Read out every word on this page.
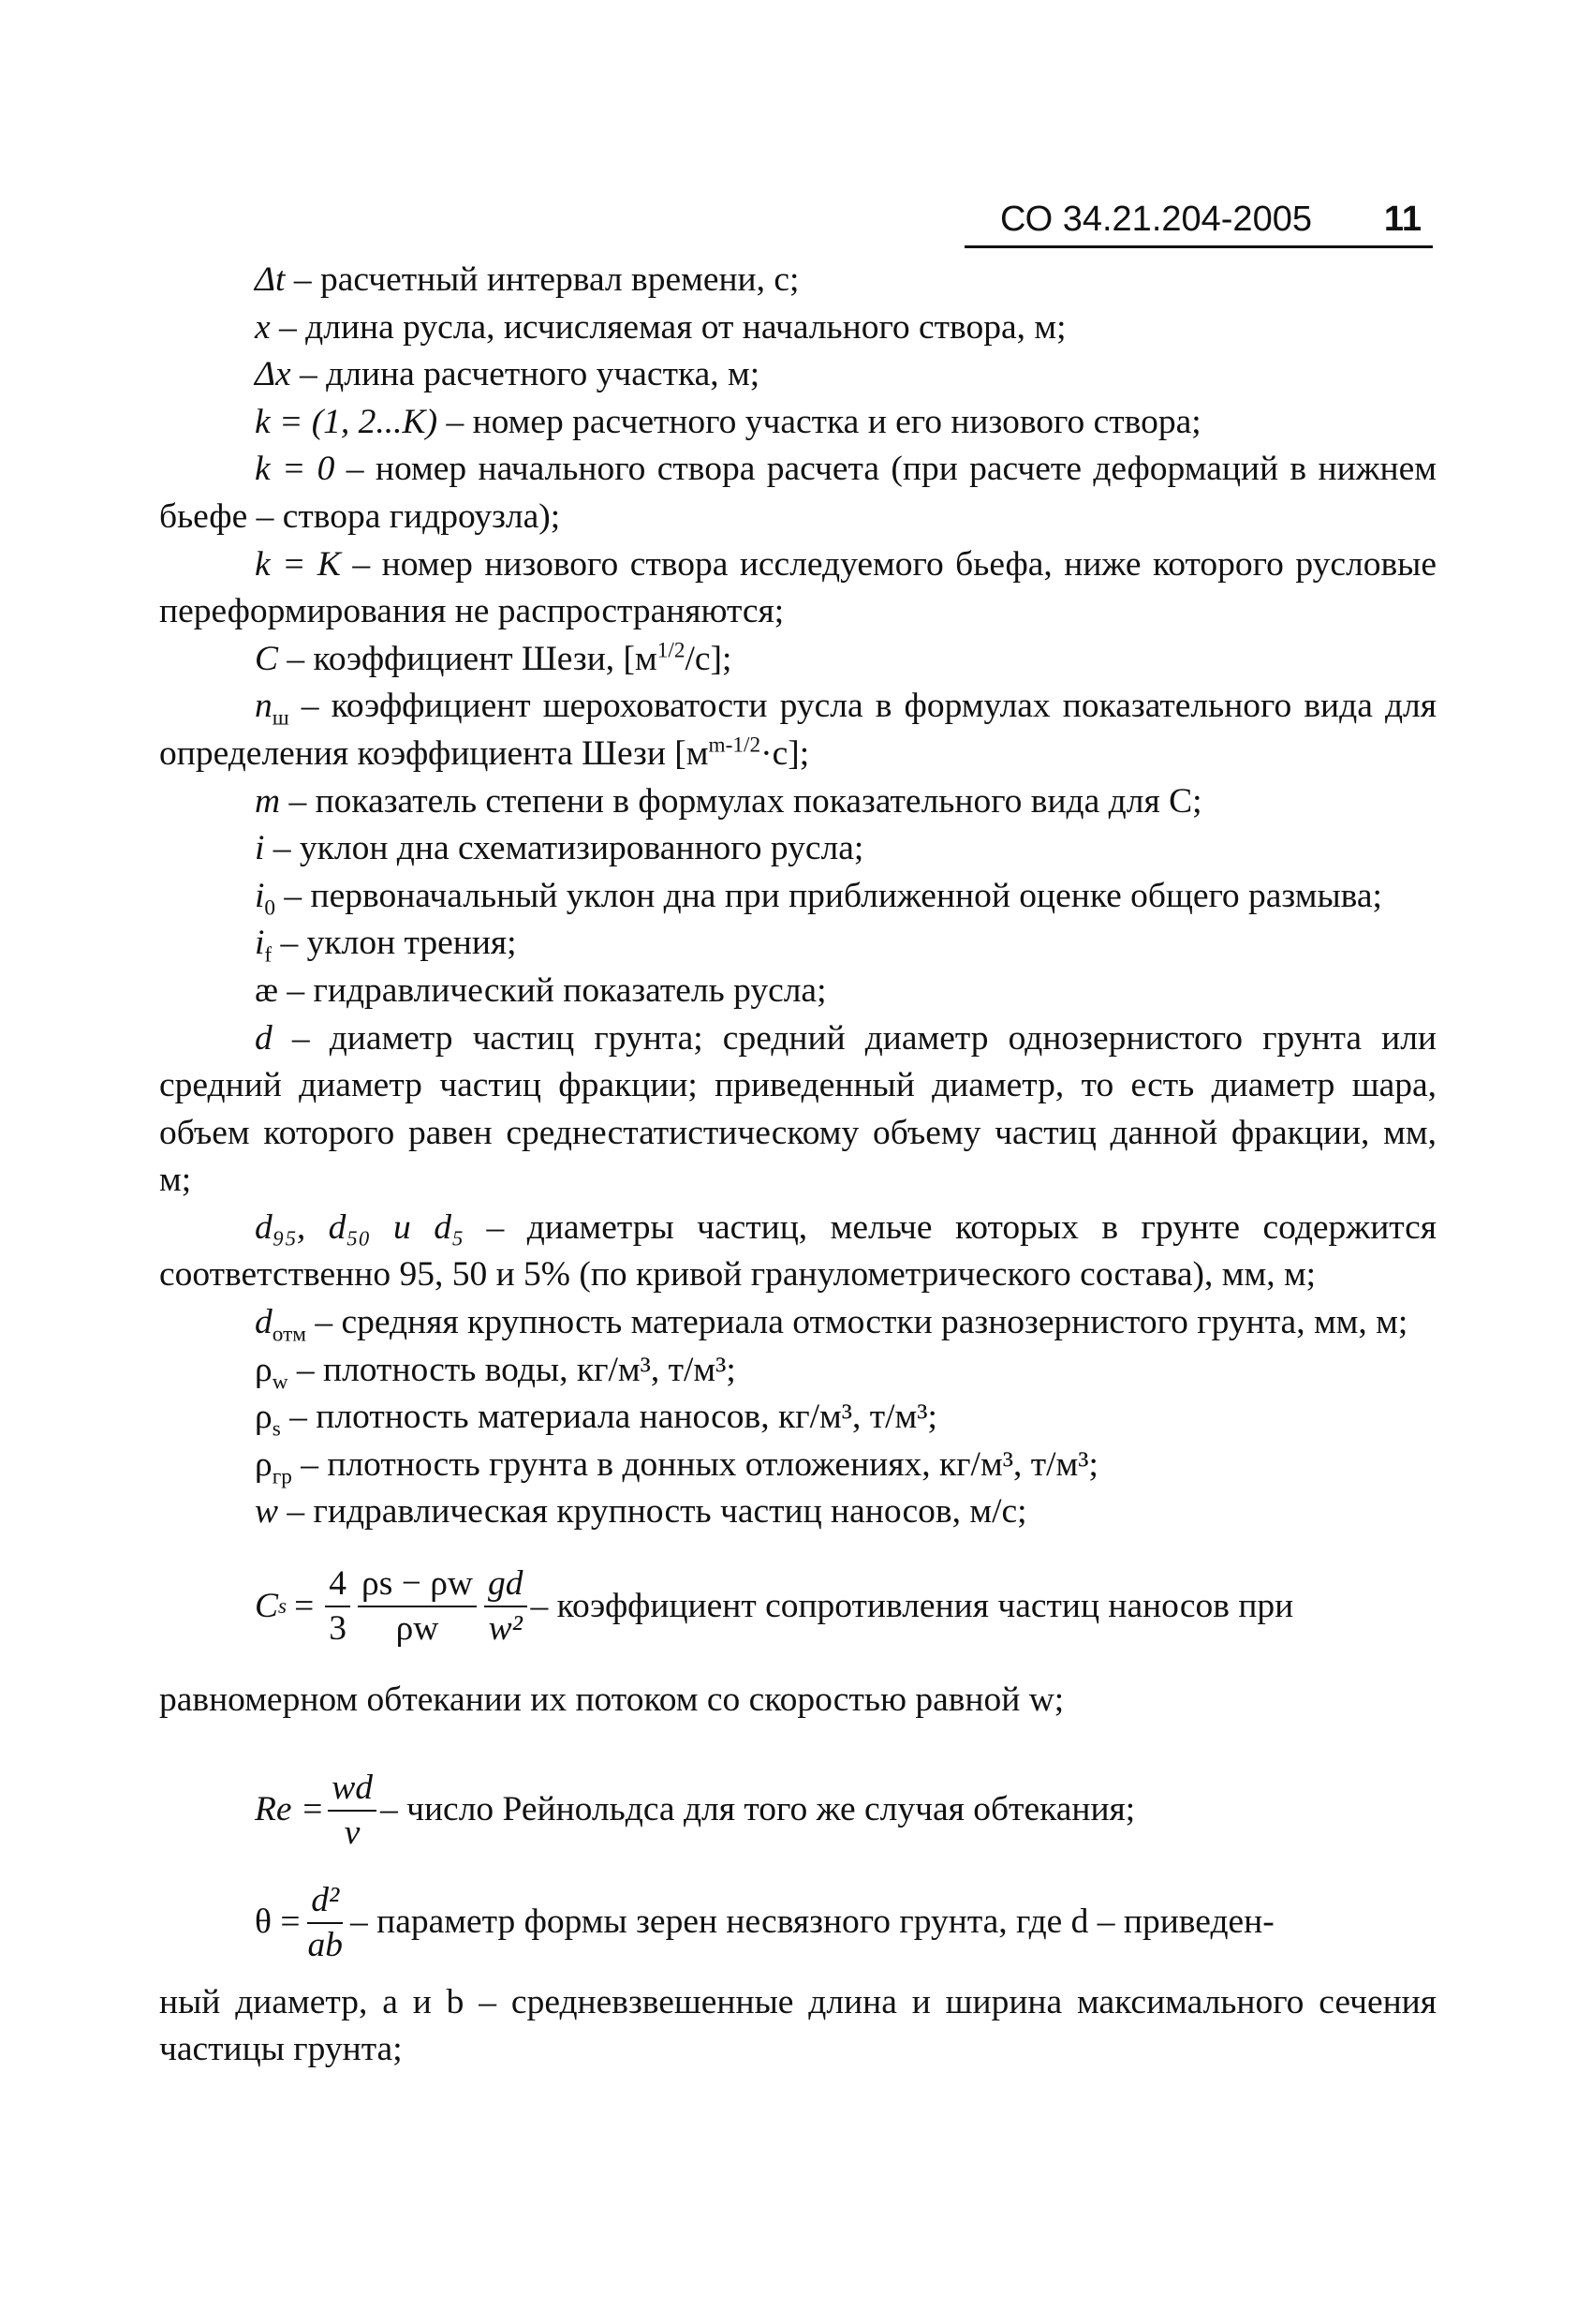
СО 34.21.204-2005 11

Δt – расчетный интервал времени, с;

x – длина русла, исчисляемая от начального створа, м;

Δx – длина расчетного участка, м;

k = (1, 2...K) – номер расчетного участка и его низового створа;

k = 0 – номер начального створа расчета (при расчете деформаций в нижнем бьефе – створа гидроузла);

k = K – номер низового створа исследуемого бьефа, ниже которого русловые переформирования не распространяются;

C – коэффициент Шези, $[м^{1/2}/с]$;

$n_ш$ – коэффициент шероховатости русла в формулах показательного вида для определения коэффициента Шези $[м^{m-1/2}\cdot с]$;

m – показатель степени в формулах показательного вида для C;

i – уклон дна схематизированного русла;

$i_0$ – первоначальный уклон дна при приближенной оценке общего размыва;

$i_f$ – уклон трения;

æ – гидравлический показатель русла;

d – диаметр частиц грунта; средний диаметр однозернистого грунта или средний диаметр частиц фракции; приведенный диаметр, то есть диаметр шара, объем которого равен среднестатистическому объему частиц данной фракции, мм, м;

d₉₅, d₅₀ и d₅ – диаметры частиц, мельче которых в грунте содержится соответственно 95, 50 и 5% (по кривой гранулометрического состава), мм, м;

$d_{отм}$ – средняя крупность материала отмостки разнозернистого грунта, мм, м;

$\rho_w$ – плотность воды, кг/м³, т/м³;

$\rho_s$ – плотность материала наносов, кг/м³, т/м³;

$\rho_{гр}$ – плотность грунта в донных отложениях, кг/м³, т/м³;

w – гидравлическая крупность частиц наносов, м/с;

C $s = \frac{4}{3} \frac{\rho s - \rho w}{\rho w} \frac{gd}{\text{w²}}$ – коэффициент сопротивления частиц наносов при

равномерном обтекании их потоком со скоростью равной w;

$Re = \frac{wd}{\nu}$ – число Рейнольдса для того же случая обтекания;
$\theta = \frac{\text{d²}}{ab}$ – параметр формы зерен несвязного грунта, где d – приведен-

ный диаметр, a и b – средневзвешенные длина и ширина максимального сечения частицы грунта;
